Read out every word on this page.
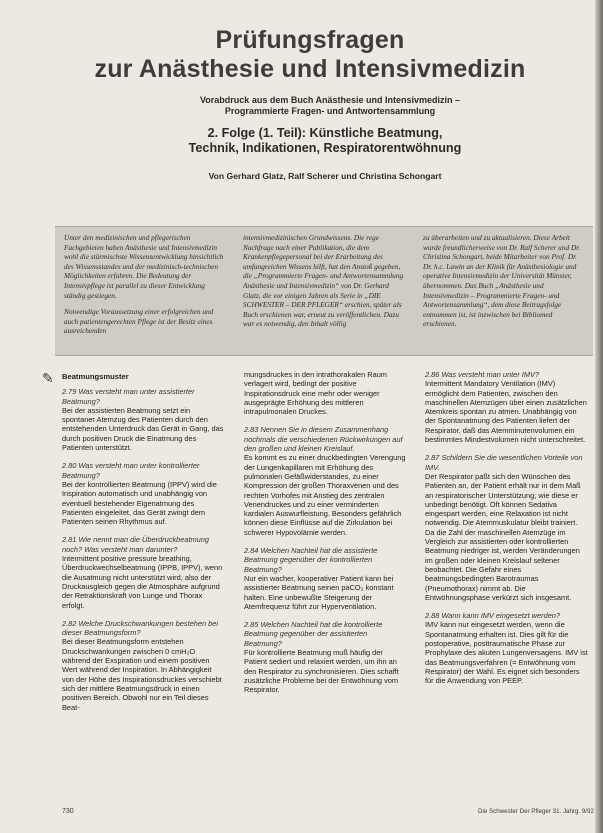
Prüfungsfragen
zur Anästhesie und Intensivmedizin
Vorabdruck aus dem Buch Anästhesie und Intensivmedizin –
Programmierte Fragen- und Antwortensammlung
2. Folge (1. Teil): Künstliche Beatmung,
Technik, Indikationen, Respiratorentwöhnung
Von Gerhard Glatz, Ralf Scherer und Christina Schongart

Unter den medizinischen und pflegerischen Fachgebieten haben Anästhesie und Intensivmedizin wohl die stürmischste Wissensentwicklung hinsichtlich des Wissensstandes und der medizinisch-technischen Möglichkeiten erfahren. Die Bedeutung der Intensivpflege ist parallel zu dieser Entwicklung ständig gestiegen.

Notwendige Voraussetzung einer erfolgreichen und auch patientengerechten Pflege ist der Besitz eines ausreichenden

intensivmedizinischen Grundwissens. Die rege Nachfrage nach einer Publikation, die dem Krankenpflegepersonal bei der Erarbeitung des umfangreichen Wissens hilft, hat den Anstoß gegeben, die „Programmierte Fragen- und Antwortensammlung Anästhesie und Intensivmedizin“ von Dr. Gerhard Glatz, die vor einigen Jahren als Serie in „DIE SCHWESTER – DER PFLEGER“ erschien, später als Buch erschienen war, erneut zu veröffentlichen. Dazu war es notwendig, den Inhalt völlig

zu überarbeiten und zu aktualisieren. Diese Arbeit wurde freundlicherweise von Dr. Ralf Scherer und Dr. Christina Schongart, beide Mitarbeiter von Prof. Dr. Dr. h.c. Lawin an der Klinik für Anästhesiologie und operative Intensivmedizin der Universität Münster, übernommen. Das Buch „Anästhesie und Intensivmedizin – Programmierte Fragen- und Antwortensammlung“, dem diese Beitragsfolge entnommen ist, ist inzwischen bei Bibliomed erschienen.

✎ Beatmungsmuster
2.79 Was versteht man unter assistierter Beatmung?
Bei der assistierten Beatmung setzt ein spontaner Atemzug des Patienten durch den entstehenden Unterdruck das Gerät in Gang, das durch positiven Druck die Einatmung des Patienten unterstützt.
2.80 Was versteht man unter kontrollierter Beatmung?
Bei der kontrollierten Beatmung (IPPV) wird die Inspiration automatisch und unabhängig von eventuell bestehender Eigenatmung des Patienten eingeleitet, das Gerät zwingt dem Patienten seinen Rhythmus auf.
2.81 Wie nennt man die Überdruckbeatmung noch? Was versteht man darunter?
Intermittent positive pressure breathing, Überdruckwechselbeatmung (IPPB, IPPV), wenn die Ausatmung nicht unterstützt wird, also der Druckausgleich gegen die Atmosphäre aufgrund der Retraktionskraft von Lunge und Thorax erfolgt.
2.82 Welche Druckschwankungen bestehen bei dieser Beatmungsform?
Bei dieser Beatmungsform entstehen Druckschwankungen zwischen 0 cmH₂O während der Exspiration und einem positiven Wert während der Inspiration. In Abhängigkeit von der Höhe des Inspirationsdruckes verschiebt sich der mittlere Beatmungsdruck in einen positiven Bereich. Obwohl nur ein Teil dieses Beat-
mungsdruckes in den intrathorakalen Raum verlagert wird, bedingt der positive Inspirationsdruck eine mehr oder weniger ausgeprägte Erhöhung des mittleren intrapulmonalen Druckes.
2.83 Nennen Sie in diesem Zusammenhang nochmals die verschiedenen Rückwirkungen auf den großen und kleinen Kreislauf.
Es kommt es zu einer druckbedingten Verengung der Lungenkapillaren mit Erhöhung des pulmonalen Gefäßwiderstandes, zu einer Kompression der großen Thoraxvenen und des rechten Vorhofes mit Anstieg des zentralen Venendruckes und zu einer verminderten kardialen Auswurfleistung. Besonders gefährlich können diese Einflüsse auf die Zirkulation bei schwerer Hypovolämie werden.
2.84 Welchen Nachteil hat die assistierte Beatmung gegenüber der kontrollierten Beatmung?
Nur ein wacher, kooperativer Patient kann bei assistierter Beatmung seinen paCO₂ konstant halten. Eine unbewußte Steigerung der Atemfrequenz führt zur Hyperventilation.
2.85 Welchen Nachteil hat die kontrollierte Beatmung gegenüber der assistierten Beatmung?
Für kontrollierte Beatmung muß häufig der Patient sediert und relaxiert werden, um ihn an den Respirator zu synchronisieren. Dies schafft zusätzliche Probleme bei der Entwöhnung vom Respirator.
2.86 Was versteht man unter IMV?
Intermittent Mandatory Ventilation (IMV) ermöglicht dem Patienten, zwischen den maschinellen Atemzügen über einen zusätzlichen Atemkreis spontan zu atmen. Unabhängig von der Spontanatmung des Patienten liefert der Respirator, daß das Atemminutenvolumen ein bestimmtes Mindestvolumen nicht unterschreitet.
2.87 Schildern Sie die wesentlichen Vorteile von IMV.
Der Respirator paßt sich den Wünschen des Patienten an, der Patient erhält nur in dem Maß an respiratorischer Unterstützung, wie diese er unbedingt benötigt. Oft können Sedativa eingespart werden, eine Relaxation ist nicht notwendig. Die Atemmuskulatur bleibt trainiert. Da die Zahl der maschinellen Atemzüge im Vergleich zur assistierten oder kontrollierten Beatmung niedriger ist, werden Veränderungen im großen oder kleinen Kreislauf seltener beobachtet. Die Gefahr eines beatmungsbedingten Barotraumas (Pneumothorax) nimmt ab. Die Entwöhnungsphase verkürzt sich insgesamt.
2.88 Wann kann IMV eingesetzt werden?
IMV kann nur eingesetzt werden, wenn die Spontanatmung erhalten ist. Dies gilt für die postoperative, posttraumatische Phase zur Prophylaxe des akuten Lungenversagens. IMV ist das Beatmungsverfahren (= Entwöhnung vom Respirator) der Wahl. Es eignet sich besonders für die Anwendung von PEEP.
730	Die Schwester Der Pfleger 31. Jahrg. 9/92
